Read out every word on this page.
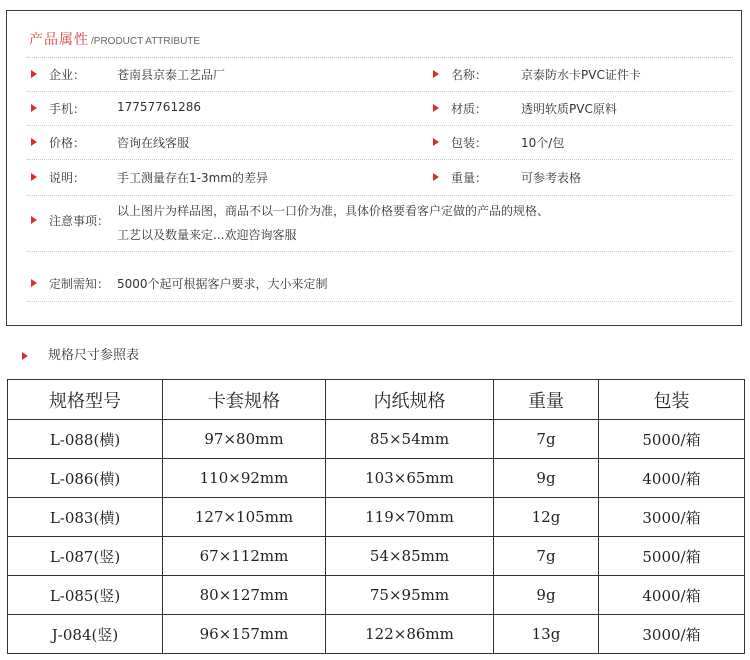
产品属性 /PRODUCT ATTRIBUTE
企业：	苍南县京泰工艺品厂	名称：	京泰防水卡PVC证件卡
手机：	17757761286	材质：	透明软质PVC原料
价格：	咨询在线客服	包装：	10个/包
说明：	手工测量存在1-3mm的差异	重量：	可参考表格
注意事项：
以上图片为样品图，商品不以一口价为准，具体价格要看客户定做的产品的规格、
工艺以及数量来定...欢迎咨询客服
定制需知： 5000个起可根据客户要求，大小来定制
规格尺寸参照表
规格型号	卡套规格	内纸规格	重量	包装
L-088(横)	97×80mm	85×54mm	7g	5000/箱
L-086(横)	110×92mm	103×65mm	9g	4000/箱
L-083(横)	127×105mm	119×70mm	12g	3000/箱
L-087(竖)	67×112mm	54×85mm	7g	5000/箱
L-085(竖)	80×127mm	75×95mm	9g	4000/箱
J-084(竖)	96×157mm	122×86mm	13g	3000/箱
